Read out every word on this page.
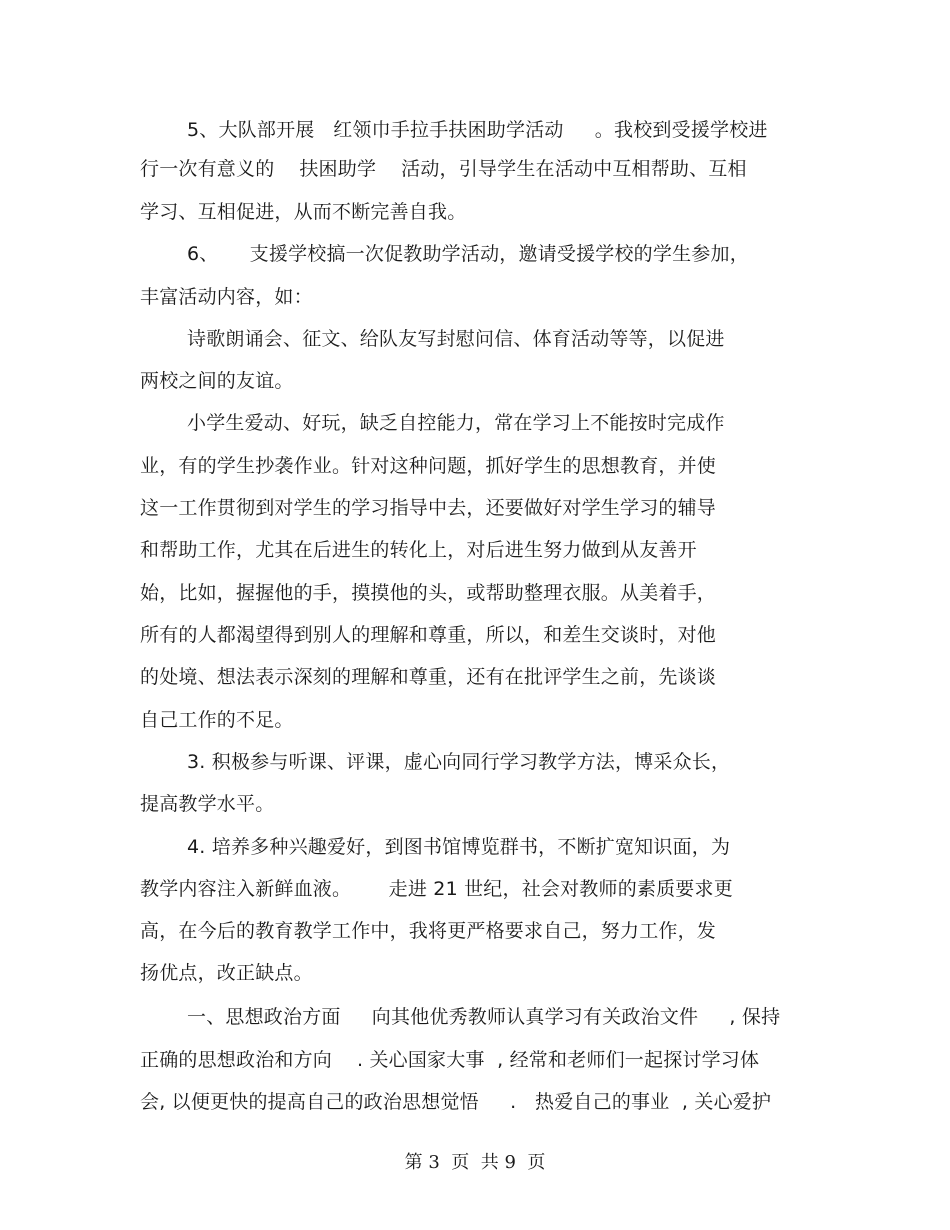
5、大队部开展   红领巾手拉手扶困助学活动     。我校到受援学校进
行一次有意义的    扶困助学    活动，引导学生在活动中互相帮助、互相
学习、互相促进，从而不断完善自我。
6、     支援学校搞一次促教助学活动，邀请受援学校的学生参加，
丰富活动内容，如：
诗歌朗诵会、征文、给队友写封慰问信、体育活动等等，以促进
两校之间的友谊。
小学生爱动、好玩，缺乏自控能力，常在学习上不能按时完成作
业，有的学生抄袭作业。针对这种问题，抓好学生的思想教育，并使
这一工作贯彻到对学生的学习指导中去，还要做好对学生学习的辅导
和帮助工作，尤其在后进生的转化上，对后进生努力做到从友善开
始，比如，握握他的手，摸摸他的头，或帮助整理衣服。从美着手，
所有的人都渴望得到别人的理解和尊重，所以，和差生交谈时，对他
的处境、想法表示深刻的理解和尊重，还有在批评学生之前，先谈谈
自己工作的不足。
3. 积极参与听课、评课，虚心向同行学习教学方法，博采众长，
提高教学水平。
4. 培养多种兴趣爱好，到图书馆博览群书，不断扩宽知识面，为
教学内容注入新鲜血液。      走进 21 世纪，社会对教师的素质要求更
高，在今后的教育教学工作中，我将更严格要求自己，努力工作，发
扬优点，改正缺点。
一、思想政治方面     向其他优秀教师认真学习有关政治文件     , 保持
正确的思想政治和方向    . 关心国家大事  , 经常和老师们一起探讨学习体
会, 以便更快的提高自己的政治思想觉悟     .   热爱自己的事业  , 关心爱护
第 3  页  共 9  页
